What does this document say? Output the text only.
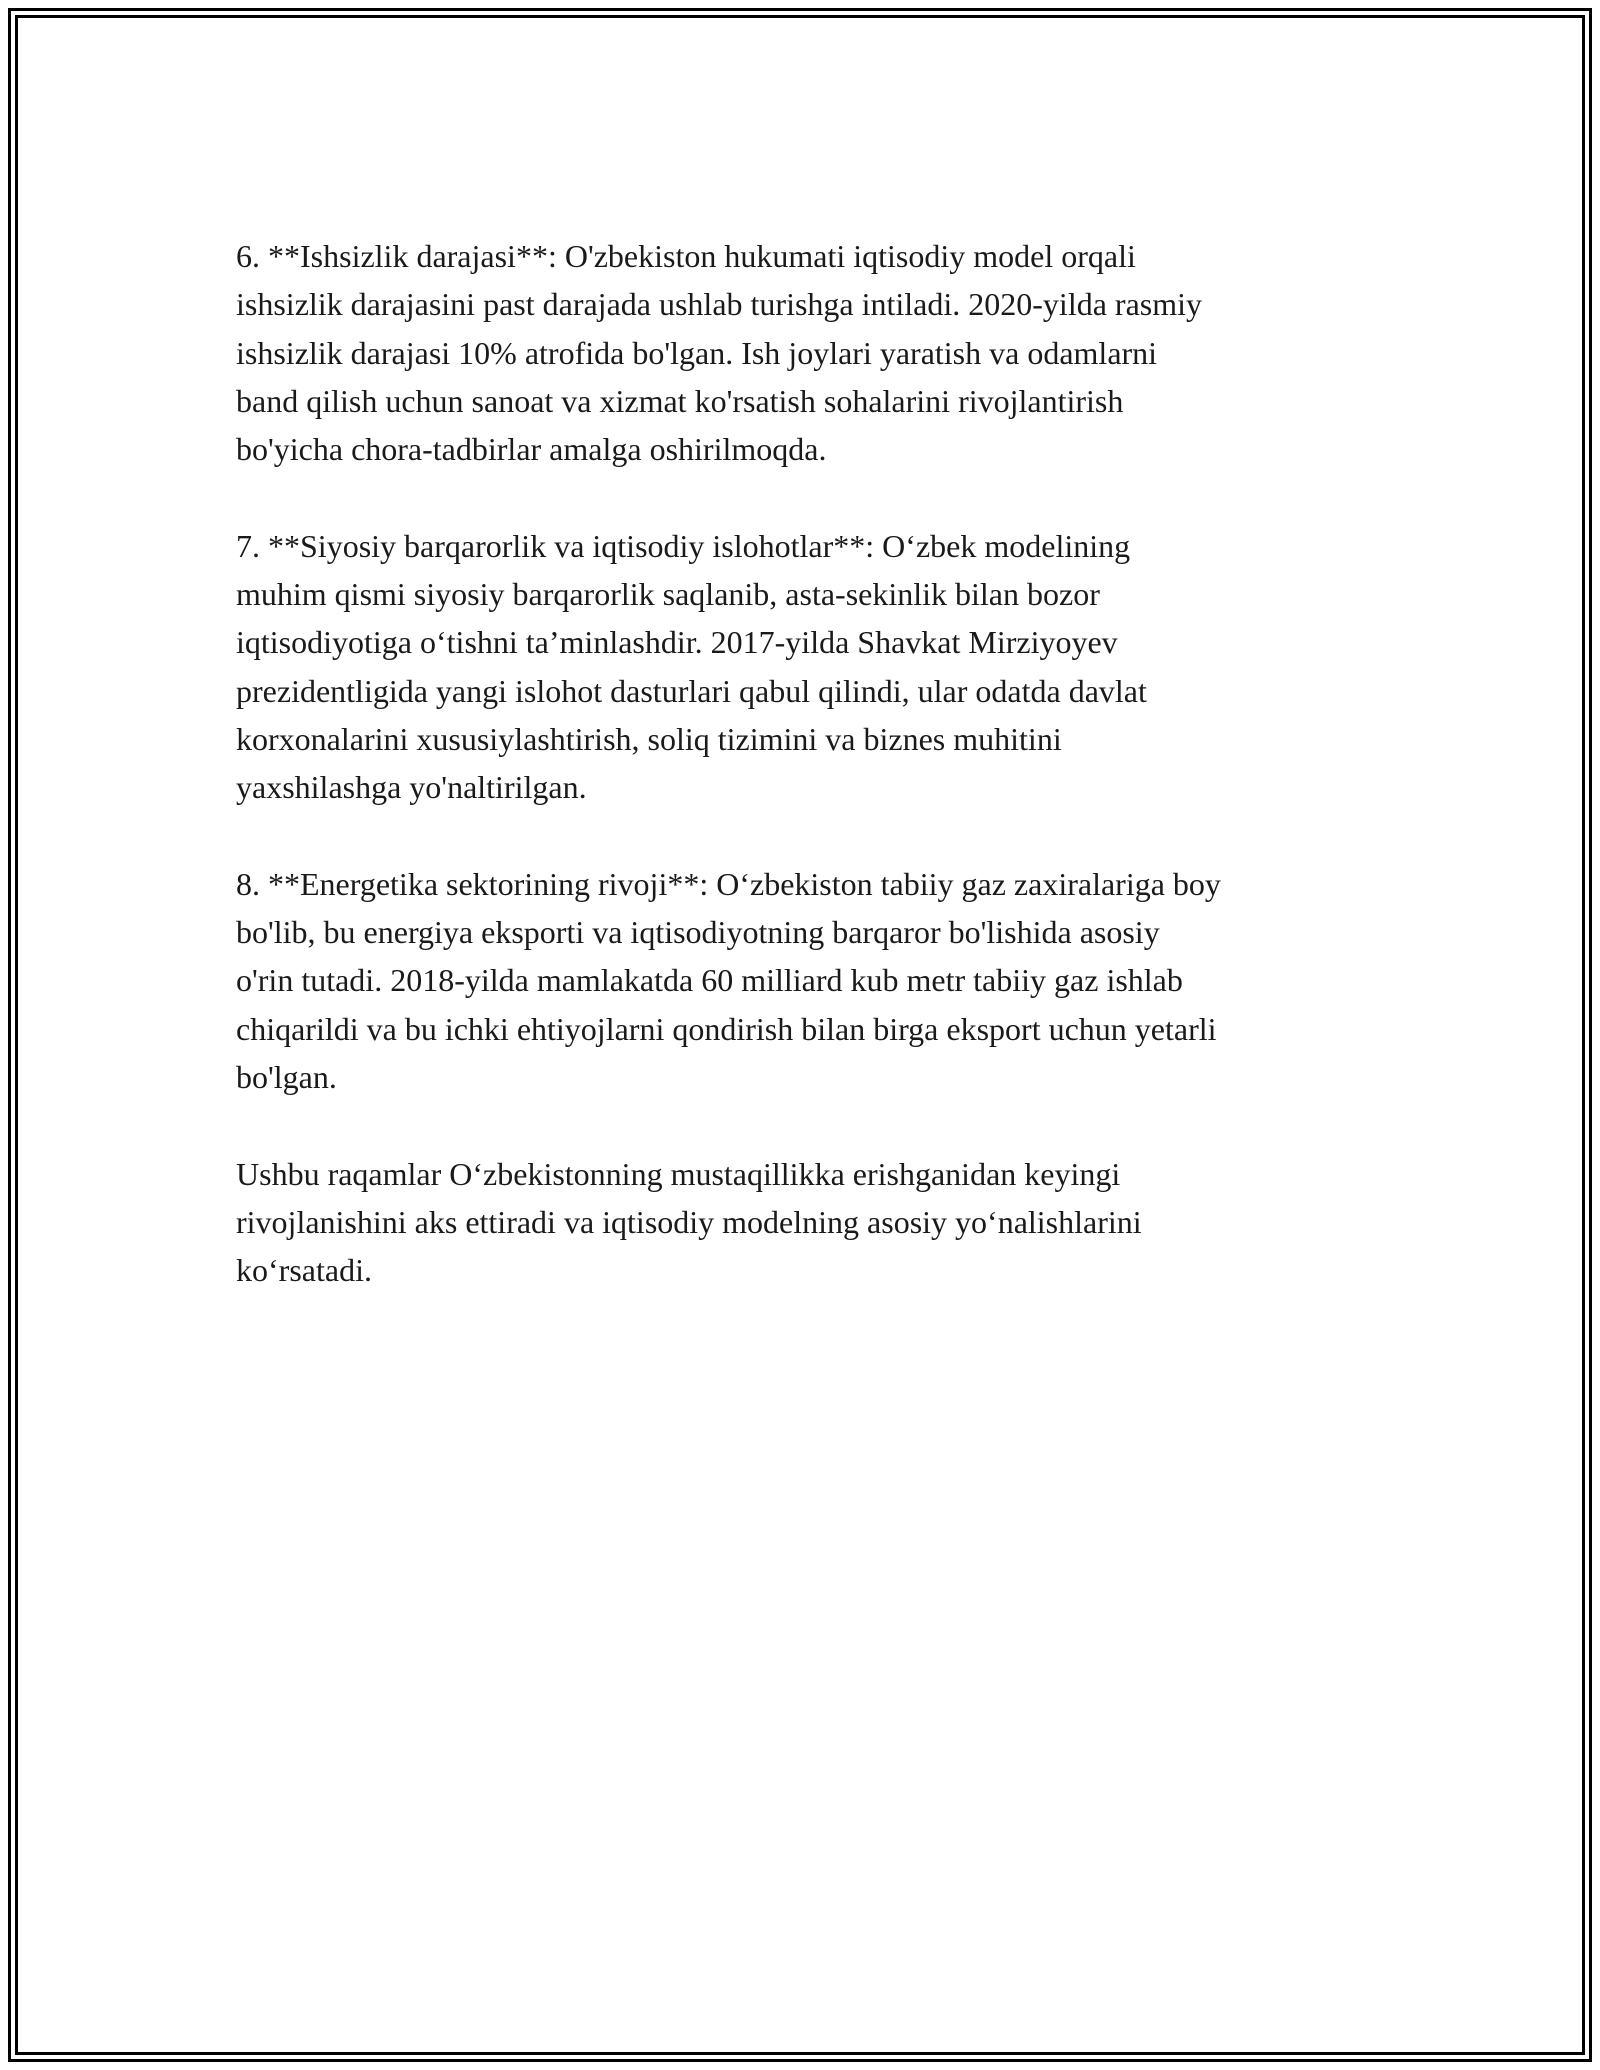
6. **Ishsizlik darajasi**: O'zbekiston hukumati iqtisodiy model orqali
ishsizlik darajasini past darajada ushlab turishga intiladi. 2020-yilda rasmiy
ishsizlik darajasi 10% atrofida bo'lgan. Ish joylari yaratish va odamlarni
band qilish uchun sanoat va xizmat ko'rsatish sohalarini rivojlantirish
bo'yicha chora-tadbirlar amalga oshirilmoqda.

7. **Siyosiy barqarorlik va iqtisodiy islohotlar**: O‘zbek modelining
muhim qismi siyosiy barqarorlik saqlanib, asta-sekinlik bilan bozor
iqtisodiyotiga o‘tishni ta’minlashdir. 2017-yilda Shavkat Mirziyoyev
prezidentligida yangi islohot dasturlari qabul qilindi, ular odatda davlat
korxonalarini xususiylashtirish, soliq tizimini va biznes muhitini
yaxshilashga yo'naltirilgan.

8. **Energetika sektorining rivoji**: O‘zbekiston tabiiy gaz zaxiralariga boy
bo'lib, bu energiya eksporti va iqtisodiyotning barqaror bo'lishida asosiy
o'rin tutadi. 2018-yilda mamlakatda 60 milliard kub metr tabiiy gaz ishlab
chiqarildi va bu ichki ehtiyojlarni qondirish bilan birga eksport uchun yetarli
bo'lgan.

Ushbu raqamlar O‘zbekistonning mustaqillikka erishganidan keyingi
rivojlanishini aks ettiradi va iqtisodiy modelning asosiy yo‘nalishlarini
ko‘rsatadi.
